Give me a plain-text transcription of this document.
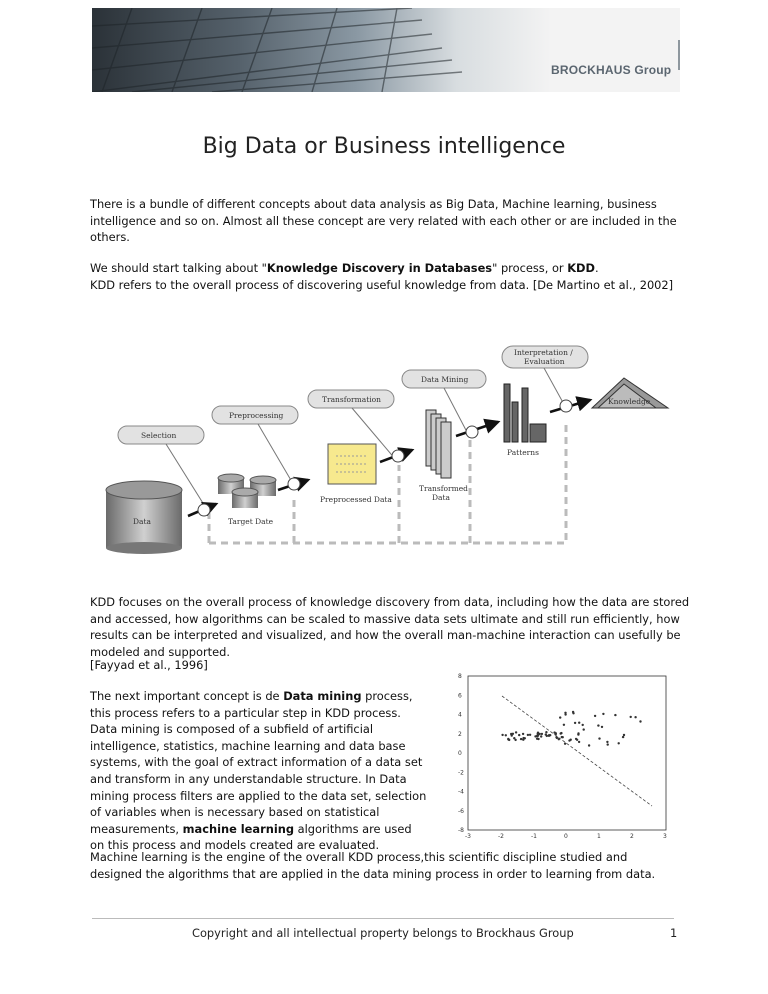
BROCKHAUS Group
Big Data or Business intelligence

There is a bundle of different concepts about data analysis as Big Data, Machine learning, business intelligence and so on. Almost all these concept are very related with each other or are included in the others.

We should start talking about "Knowledge Discovery in Databases" process, or KDD.

KDD refers to the overall process of discovering useful knowledge from data. [De Martino et al., 2002]

Data	Target Date
Preprocessed Data
Transformed
Data
Patterns
Knowledge
Selection
Preprocessing
Transformation
Data Mining
Interpretation /
Evaluation

KDD focuses on the overall process of knowledge discovery from data, including how the data are stored and accessed, how algorithms can be scaled to massive data sets ultimate and still run efficiently, how results can be interpreted and visualized, and how the overall man-machine interaction can usefully be modeled and supported.

[Fayyad et al., 1996]

The next important concept is de Data mining process,
this process refers to a particular step in KDD process.
Data mining is composed of a subfield of artificial
intelligence, statistics, machine learning and data base
systems, with the goal of extract information of a data set
and transform in any understandable structure. In Data
mining process filters are applied to the data set, selection
of variables when is necessary based on statistical
measurements, machine learning algorithms are used
on this process and models created are evaluated.

Machine learning is the engine of the overall KDD process,this scientific discipline studied and designed the algorithms that are applied in the data mining process in order to learning from data.

-3	-2	-1	0	1	2	3
8
6
4
2
0
-2
-4
-6
-8
Copyright and all intellectual property belongs to Brockhaus Group	1
